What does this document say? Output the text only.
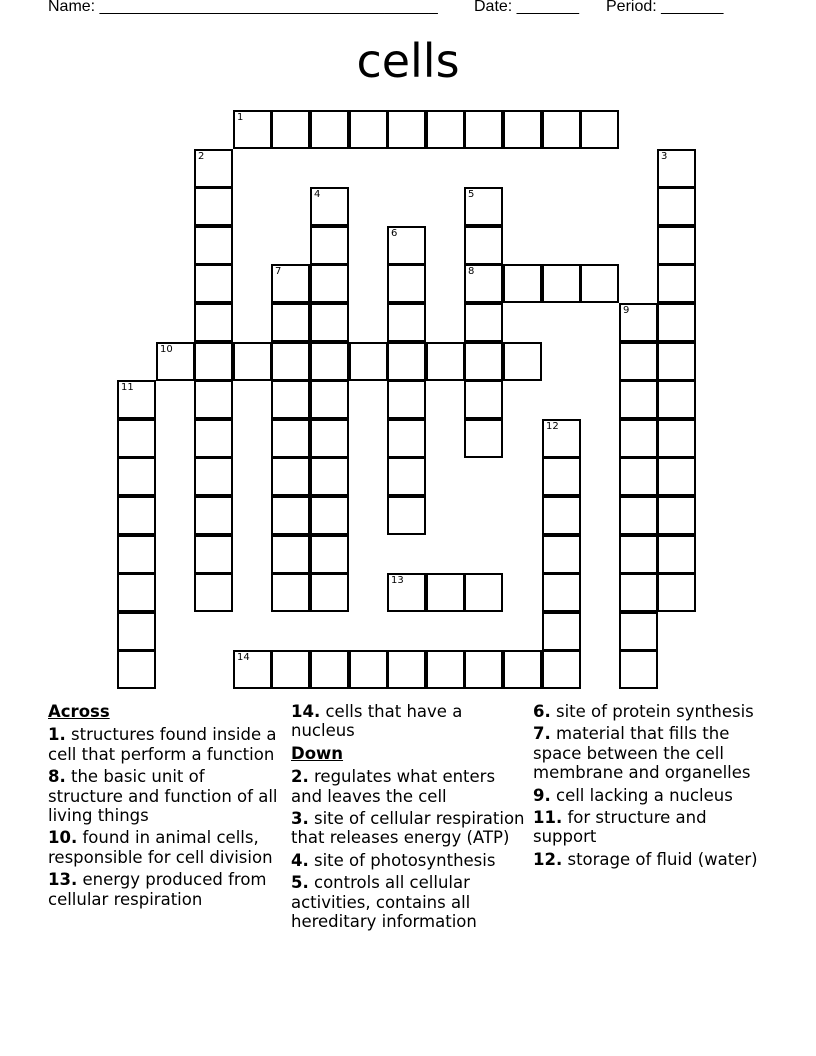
Name: ______________________________________ Date: _______ Period: _______
cells
1
2	3
4	5
6
7	8
9
10
11
12
13
14
Across
1. structures found inside a cell that perform a function
8. the basic unit of structure and function of all living things
10. found in animal cells, responsible for cell division
13. energy produced from cellular respiration
14. cells that have a nucleus
Down
2. regulates what enters and leaves the cell
3. site of cellular respiration that releases energy (ATP)
4. site of photosynthesis
5. controls all cellular activities, contains all hereditary information
6. site of protein synthesis
7. material that fills the space between the cell membrane and organelles
9. cell lacking a nucleus
11. for structure and support
12. storage of fluid (water)
